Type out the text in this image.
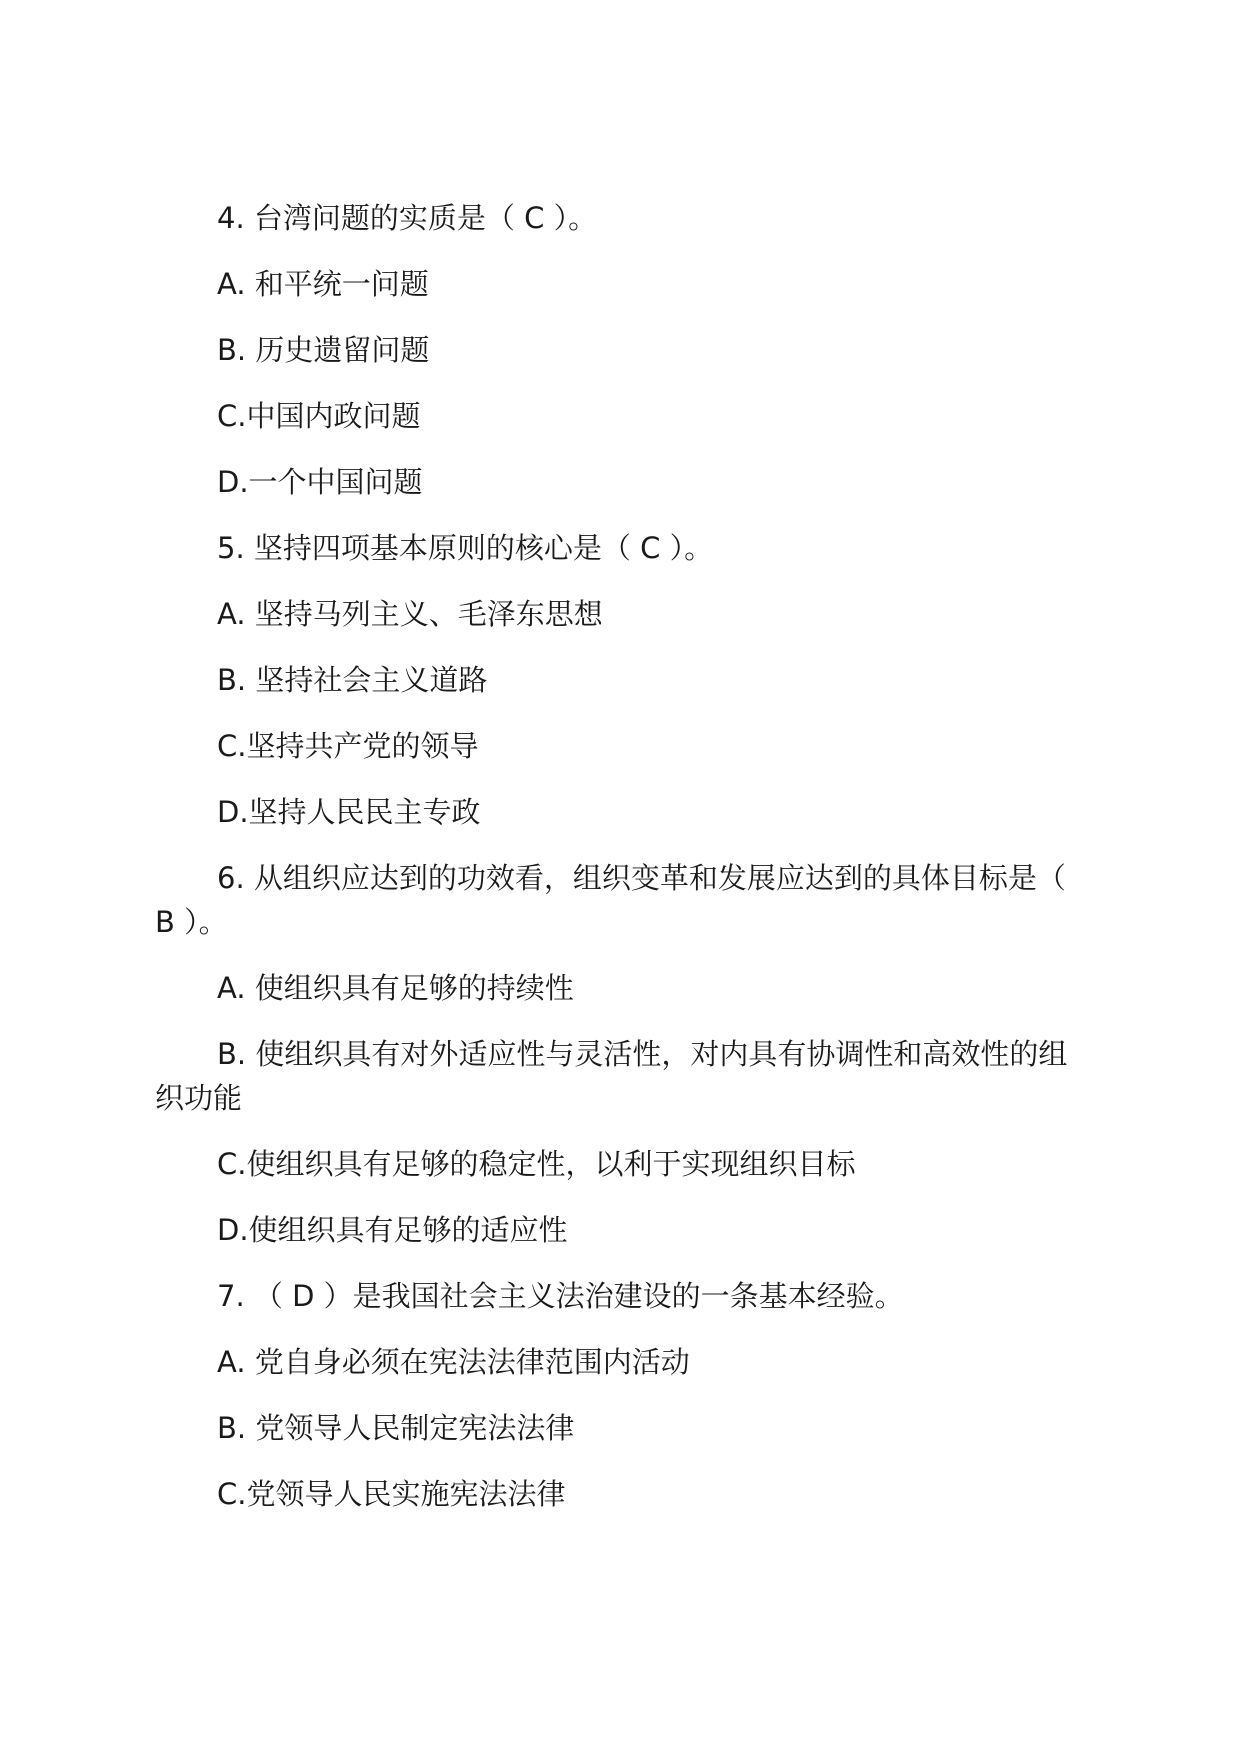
4. 台湾问题的实质是（ C ）。

A. 和平统一问题

B. 历史遗留问题

C.中国内政问题

D.一个中国问题

5. 坚持四项基本原则的核心是（ C ）。

A. 坚持马列主义、毛泽东思想

B. 坚持社会主义道路

C.坚持共产党的领导

D.坚持人民民主专政

6. 从组织应达到的功效看，组织变革和发展应达到的具体目标是（ B ）。

A. 使组织具有足够的持续性

B. 使组织具有对外适应性与灵活性，对内具有协调性和高效性的组织功能

C.使组织具有足够的稳定性，以利于实现组织目标

D.使组织具有足够的适应性

7. （ D ）是我国社会主义法治建设的一条基本经验。

A. 党自身必须在宪法法律范围内活动

B. 党领导人民制定宪法法律

C.党领导人民实施宪法法律
